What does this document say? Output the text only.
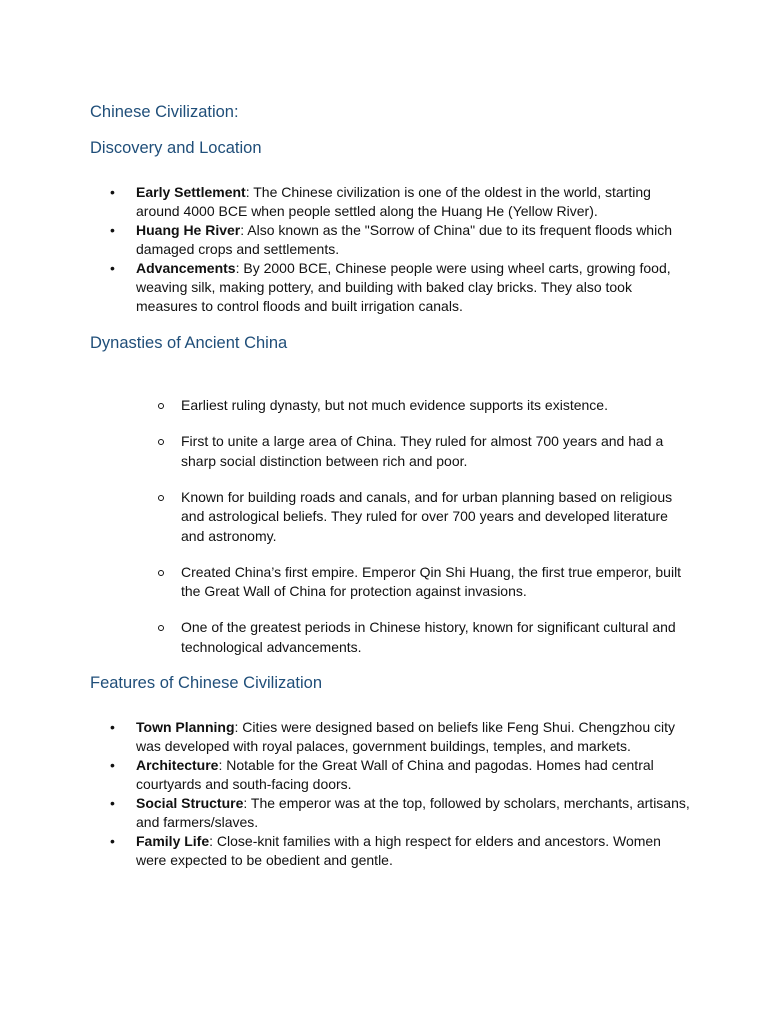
Chinese Civilization:
Discovery and Location
• Early Settlement: The Chinese civilization is one of the oldest in the world, starting around 4000 BCE when people settled along the Huang He (Yellow River).
• Huang He River: Also known as the "Sorrow of China" due to its frequent floods which damaged crops and settlements.
• Advancements: By 2000 BCE, Chinese people were using wheel carts, growing food, weaving silk, making pottery, and building with baked clay bricks. They also took measures to control floods and built irrigation canals.
Dynasties of Ancient China
Earliest ruling dynasty, but not much evidence supports its existence.
First to unite a large area of China. They ruled for almost 700 years and had a sharp social distinction between rich and poor.
Known for building roads and canals, and for urban planning based on religious and astrological beliefs. They ruled for over 700 years and developed literature and astronomy.
Created China’s first empire. Emperor Qin Shi Huang, the first true emperor, built the Great Wall of China for protection against invasions.
One of the greatest periods in Chinese history, known for significant cultural and technological advancements.
Features of Chinese Civilization
• Town Planning: Cities were designed based on beliefs like Feng Shui. Chengzhou city was developed with royal palaces, government buildings, temples, and markets.
• Architecture: Notable for the Great Wall of China and pagodas. Homes had central courtyards and south-facing doors.
• Social Structure: The emperor was at the top, followed by scholars, merchants, artisans, and farmers/slaves.
• Family Life: Close-knit families with a high respect for elders and ancestors. Women were expected to be obedient and gentle.
